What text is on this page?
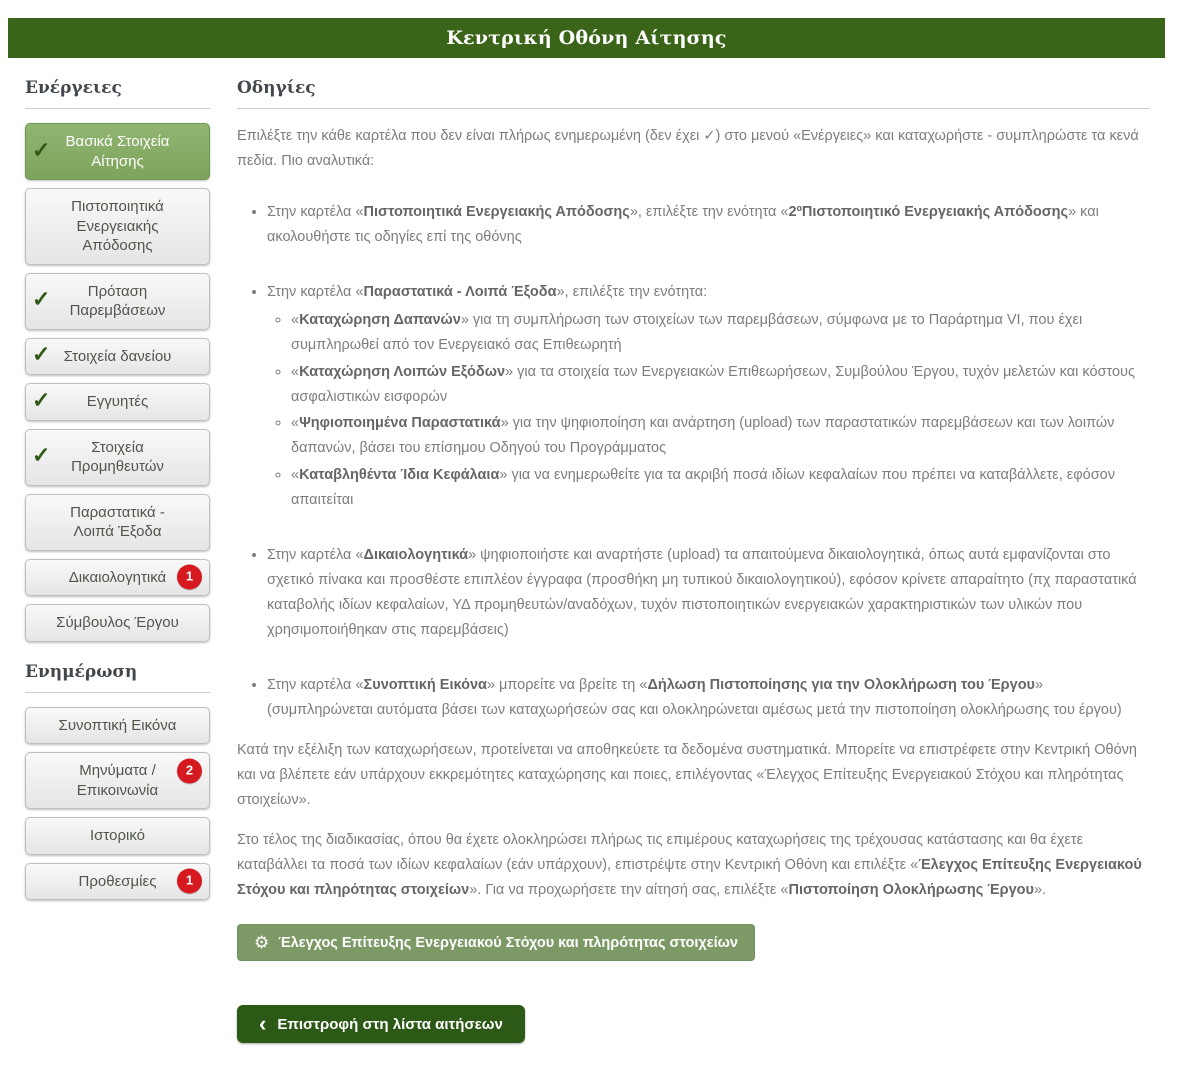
Κεντρική Οθόνη Αίτησης
Ενέργειες
✓ Βασικά Στοιχεία Αίτησης
Πιστοποιητικά Ενεργειακής Απόδοσης
✓ Πρόταση Παρεμβάσεων
✓ Στοιχεία δανείου
✓ Εγγυητές
✓	Στοιχεία Προμηθευτών
Παραστατικά - Λοιπά Έξοδα
Δικαιολογητικά	1
Σύμβουλος Έργου
Ενημέρωση
Συνοπτική Εικόνα
Μηνύματα / Επικοινωνία
2
Ιστορικό
Προθεσμίες	1
Οδηγίες

Επιλέξτε την κάθε καρτέλα που δεν είναι πλήρως ενημερωμένη (δεν έχει ✓) στο μενού «Ενέργειες» και καταχωρήστε - συμπληρώστε τα κενά πεδία. Πιο αναλυτικά:

• Στην καρτέλα «Πιστοποιητικά Ενεργειακής Απόδοσης», επιλέξτε την ενότητα «2ºΠιστοποιητικό Ενεργειακής Απόδοσης» και ακολουθήστε τις οδηγίες επί της οθόνης
• Στην καρτέλα «Παραστατικά - Λοιπά Έξοδα», επιλέξτε την ενότητα:
◦ «Καταχώρηση Δαπανών» για τη συμπλήρωση των στοιχείων των παρεμβάσεων, σύμφωνα με το Παράρτημα VI, που έχει συμπληρωθεί από τον Ενεργειακό σας Επιθεωρητή
◦ «Καταχώρηση Λοιπών Εξόδων» για τα στοιχεία των Ενεργειακών Επιθεωρήσεων, Συμβούλου Έργου, τυχόν μελετών και κόστους ασφαλιστικών εισφορών
◦ «Ψηφιοποιημένα Παραστατικά» για την ψηφιοποίηση και ανάρτηση (upload) των παραστατικών παρεμβάσεων και των λοιπών δαπανών, βάσει του επίσημου Οδηγού του Προγράμματος
◦ «Καταβληθέντα Ίδια Κεφάλαια» για να ενημερωθείτε για τα ακριβή ποσά ιδίων κεφαλαίων που πρέπει να καταβάλλετε, εφόσον απαιτείται
• Στην καρτέλα «Δικαιολογητικά» ψηφιοποιήστε και αναρτήστε (upload) τα απαιτούμενα δικαιολογητικά, όπως αυτά εμφανίζονται στο σχετικό πίνακα και προσθέστε επιπλέον έγγραφα (προσθήκη μη τυπικού δικαιολογητικού), εφόσον κρίνετε απαραίτητο (πχ παραστατικά καταβολής ιδίων κεφαλαίων, ΥΔ προμηθευτών/αναδόχων, τυχόν πιστοποιητικών ενεργειακών χαρακτηριστικών των υλικών που χρησιμοποιήθηκαν στις παρεμβάσεις)
• Στην καρτέλα «Συνοπτική Εικόνα» μπορείτε να βρείτε τη «Δήλωση Πιστοποίησης για την Ολοκλήρωση του Έργου» (συμπληρώνεται αυτόματα βάσει των καταχωρήσεών σας και ολοκληρώνεται αμέσως μετά την πιστοποίηση ολοκλήρωσης του έργου)

Κατά την εξέλιξη των καταχωρήσεων, προτείνεται να αποθηκεύετε τα δεδομένα συστηματικά. Μπορείτε να επιστρέφετε στην Κεντρική Οθόνη και να βλέπετε εάν υπάρχουν εκκρεμότητες καταχώρησης και ποιες, επιλέγοντας «Έλεγχος Επίτευξης Ενεργειακού Στόχου και πληρότητας στοιχείων».

Στο τέλος της διαδικασίας, όπου θα έχετε ολοκληρώσει πλήρως τις επιμέρους καταχωρήσεις της τρέχουσας κατάστασης και θα έχετε καταβάλλει τα ποσά των ιδίων κεφαλαίων (εάν υπάρχουν), επιστρέψτε στην Κεντρική Οθόνη και επιλέξτε «Έλεγχος Επίτευξης Ενεργειακού Στόχου και πληρότητας στοιχείων». Για να προχωρήσετε την αίτησή σας, επιλέξτε «Πιστοποίηση Ολοκλήρωσης Έργου».

⚙ Έλεγχος Επίτευξης Ενεργειακού Στόχου και πληρότητας στοιχείων
‹ Επιστροφή στη λίστα αιτήσεων
